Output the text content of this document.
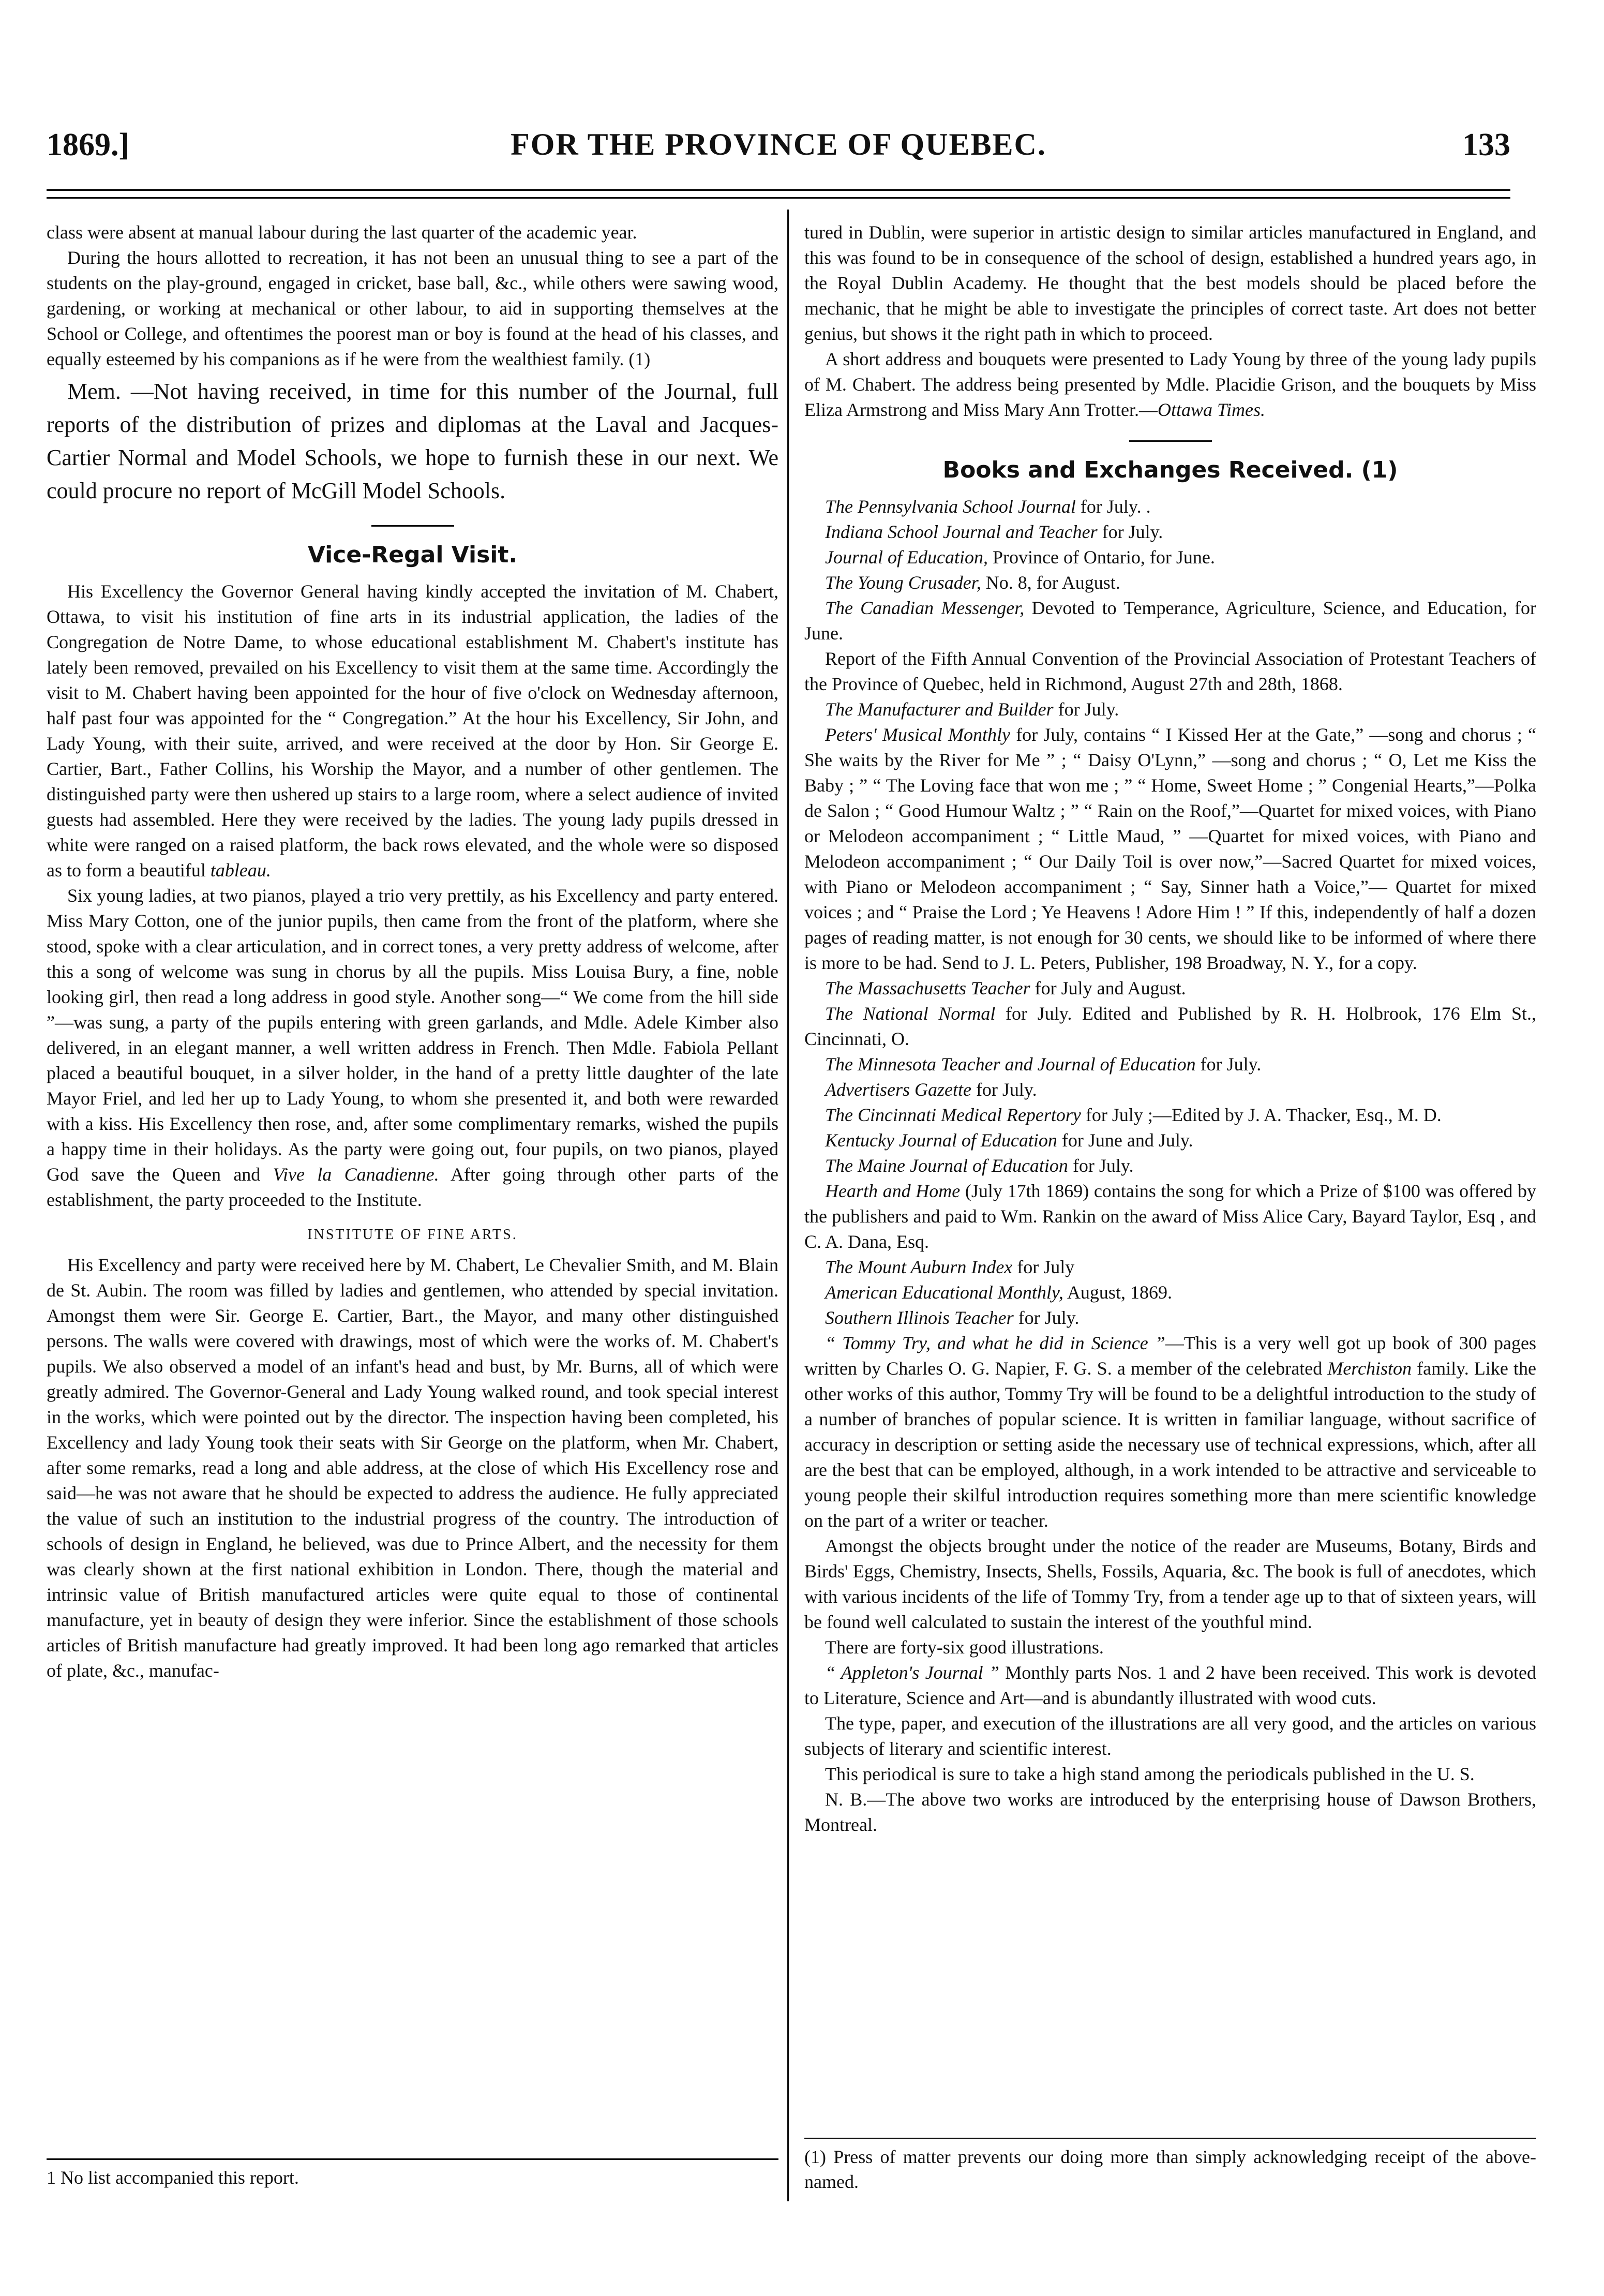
1869.]	FOR THE PROVINCE OF QUEBEC.	133

class were absent at manual labour during the last quarter of the academic year.

During the hours allotted to recreation, it has not been an unusual thing to see a part of the students on the play-ground, engaged in cricket, base ball, &c., while others were sawing wood, gardening, or working at mechanical or other labour, to aid in supporting themselves at the School or College, and oftentimes the poorest man or boy is found at the head of his classes, and equally esteemed by his companions as if he were from the wealthiest family. (1)

Mem. —Not having received, in time for this number of the Journal, full reports of the distribution of prizes and diplomas at the Laval and Jacques-Cartier Normal and Model Schools, we hope to furnish these in our next. We could procure no report of McGill Model Schools.

Vice-Regal Visit.

His Excellency the Governor General having kindly accepted the invitation of M. Chabert, Ottawa, to visit his institution of fine arts in its industrial application, the ladies of the Congregation de Notre Dame, to whose educational establishment M. Chabert's institute has lately been removed, prevailed on his Excellency to visit them at the same time. Accordingly the visit to M. Chabert having been appointed for the hour of five o'clock on Wednesday afternoon, half past four was appointed for the “ Congregation.” At the hour his Excellency, Sir John, and Lady Young, with their suite, arrived, and were received at the door by Hon. Sir George E. Cartier, Bart., Father Collins, his Worship the Mayor, and a number of other gentlemen. The distinguished party were then ushered up stairs to a large room, where a select audience of invited guests had assembled. Here they were received by the ladies. The young lady pupils dressed in white were ranged on a raised platform, the back rows elevated, and the whole were so disposed as to form a beautiful tableau.

Six young ladies, at two pianos, played a trio very prettily, as his Excellency and party entered. Miss Mary Cotton, one of the junior pupils, then came from the front of the platform, where she stood, spoke with a clear articulation, and in correct tones, a very pretty address of welcome, after this a song of welcome was sung in chorus by all the pupils. Miss Louisa Bury, a fine, noble looking girl, then read a long address in good style. Another song—“ We come from the hill side ”—was sung, a party of the pupils entering with green garlands, and Mdle. Adele Kimber also delivered, in an elegant manner, a well written address in French. Then Mdle. Fabiola Pellant placed a beautiful bouquet, in a silver holder, in the hand of a pretty little daughter of the late Mayor Friel, and led her up to Lady Young, to whom she presented it, and both were rewarded with a kiss. His Excellency then rose, and, after some complimentary remarks, wished the pupils a happy time in their holidays. As the party were going out, four pupils, on two pianos, played God save the Queen and Vive la Canadienne. After going through other parts of the establishment, the party proceeded to the Institute.

INSTITUTE OF FINE ARTS.

His Excellency and party were received here by M. Chabert, Le Chevalier Smith, and M. Blain de St. Aubin. The room was filled by ladies and gentlemen, who attended by special invitation. Amongst them were Sir. George E. Cartier, Bart., the Mayor, and many other distinguished persons. The walls were covered with drawings, most of which were the works of. M. Chabert's pupils. We also observed a model of an infant's head and bust, by Mr. Burns, all of which were greatly admired. The Governor-General and Lady Young walked round, and took special interest in the works, which were pointed out by the director. The inspection having been completed, his Excellency and lady Young took their seats with Sir George on the platform, when Mr. Chabert, after some remarks, read a long and able address, at the close of which His Excellency rose and said—he was not aware that he should be expected to address the audience. He fully appreciated the value of such an institution to the industrial progress of the country. The introduction of schools of design in England, he believed, was due to Prince Albert, and the necessity for them was clearly shown at the first national exhibition in London. There, though the material and intrinsic value of British manufactured articles were quite equal to those of continental manufacture, yet in beauty of design they were inferior. Since the establishment of those schools articles of British manufacture had greatly improved. It had been long ago remarked that articles of plate, &c., manufac-

1 No list accompanied this report.

tured in Dublin, were superior in artistic design to similar articles manufactured in England, and this was found to be in consequence of the school of design, established a hundred years ago, in the Royal Dublin Academy. He thought that the best models should be placed before the mechanic, that he might be able to investigate the principles of correct taste. Art does not better genius, but shows it the right path in which to proceed.

A short address and bouquets were presented to Lady Young by three of the young lady pupils of M. Chabert. The address being presented by Mdle. Placidie Grison, and the bouquets by Miss Eliza Armstrong and Miss Mary Ann Trotter.—Ottawa Times.

Books and Exchanges Received. (1)

The Pennsylvania School Journal for July. .

Indiana School Journal and Teacher for July.

Journal of Education, Province of Ontario, for June.

The Young Crusader, No. 8, for August.

The Canadian Messenger, Devoted to Temperance, Agriculture, Science, and Education, for June.

Report of the Fifth Annual Convention of the Provincial Association of Protestant Teachers of the Province of Quebec, held in Richmond, August 27th and 28th, 1868.

The Manufacturer and Builder for July.

Peters' Musical Monthly for July, contains “ I Kissed Her at the Gate,” —song and chorus ; “ She waits by the River for Me ” ; “ Daisy O'Lynn,” —song and chorus ; “ O, Let me Kiss the Baby ; ” “ The Loving face that won me ; ” “ Home, Sweet Home ; ” Congenial Hearts,”—Polka de Salon ; “ Good Humour Waltz ; ” “ Rain on the Roof,”—Quartet for mixed voices, with Piano or Melodeon accompaniment ; “ Little Maud, ” —Quartet for mixed voices, with Piano and Melodeon accompaniment ; “ Our Daily Toil is over now,”—Sacred Quartet for mixed voices, with Piano or Melodeon accompaniment ; “ Say, Sinner hath a Voice,”— Quartet for mixed voices ; and “ Praise the Lord ; Ye Heavens ! Adore Him ! ” If this, independently of half a dozen pages of reading matter, is not enough for 30 cents, we should like to be informed of where there is more to be had. Send to J. L. Peters, Publisher, 198 Broadway, N. Y., for a copy.

The Massachusetts Teacher for July and August.

The National Normal for July. Edited and Published by R. H. Holbrook, 176 Elm St., Cincinnati, O.

The Minnesota Teacher and Journal of Education for July.

Advertisers Gazette for July.

The Cincinnati Medical Repertory for July ;—Edited by J. A. Thacker, Esq., M. D.

Kentucky Journal of Education for June and July.

The Maine Journal of Education for July.

Hearth and Home (July 17th 1869) contains the song for which a Prize of $100 was offered by the publishers and paid to Wm. Rankin on the award of Miss Alice Cary, Bayard Taylor, Esq , and C. A. Dana, Esq.

The Mount Auburn Index for July

American Educational Monthly, August, 1869.

Southern Illinois Teacher for July.

“ Tommy Try, and what he did in Science ”—This is a very well got up book of 300 pages written by Charles O. G. Napier, F. G. S. a member of the celebrated Merchiston family. Like the other works of this author, Tommy Try will be found to be a delightful introduction to the study of a number of branches of popular science. It is written in familiar language, without sacrifice of accuracy in description or setting aside the necessary use of technical expressions, which, after all are the best that can be employed, although, in a work intended to be attractive and serviceable to young people their skilful introduction requires something more than mere scientific knowledge on the part of a writer or teacher.

Amongst the objects brought under the notice of the reader are Museums, Botany, Birds and Birds' Eggs, Chemistry, Insects, Shells, Fossils, Aquaria, &c. The book is full of anecdotes, which with various incidents of the life of Tommy Try, from a tender age up to that of sixteen years, will be found well calculated to sustain the interest of the youthful mind.

There are forty-six good illustrations.

“ Appleton's Journal ” Monthly parts Nos. 1 and 2 have been received. This work is devoted to Literature, Science and Art—and is abundantly illustrated with wood cuts.

The type, paper, and execution of the illustrations are all very good, and the articles on various subjects of literary and scientific interest.

This periodical is sure to take a high stand among the periodicals published in the U. S.

N. B.—The above two works are introduced by the enterprising house of Dawson Brothers, Montreal.

(1) Press of matter prevents our doing more than simply acknowledging receipt of the above-named.
